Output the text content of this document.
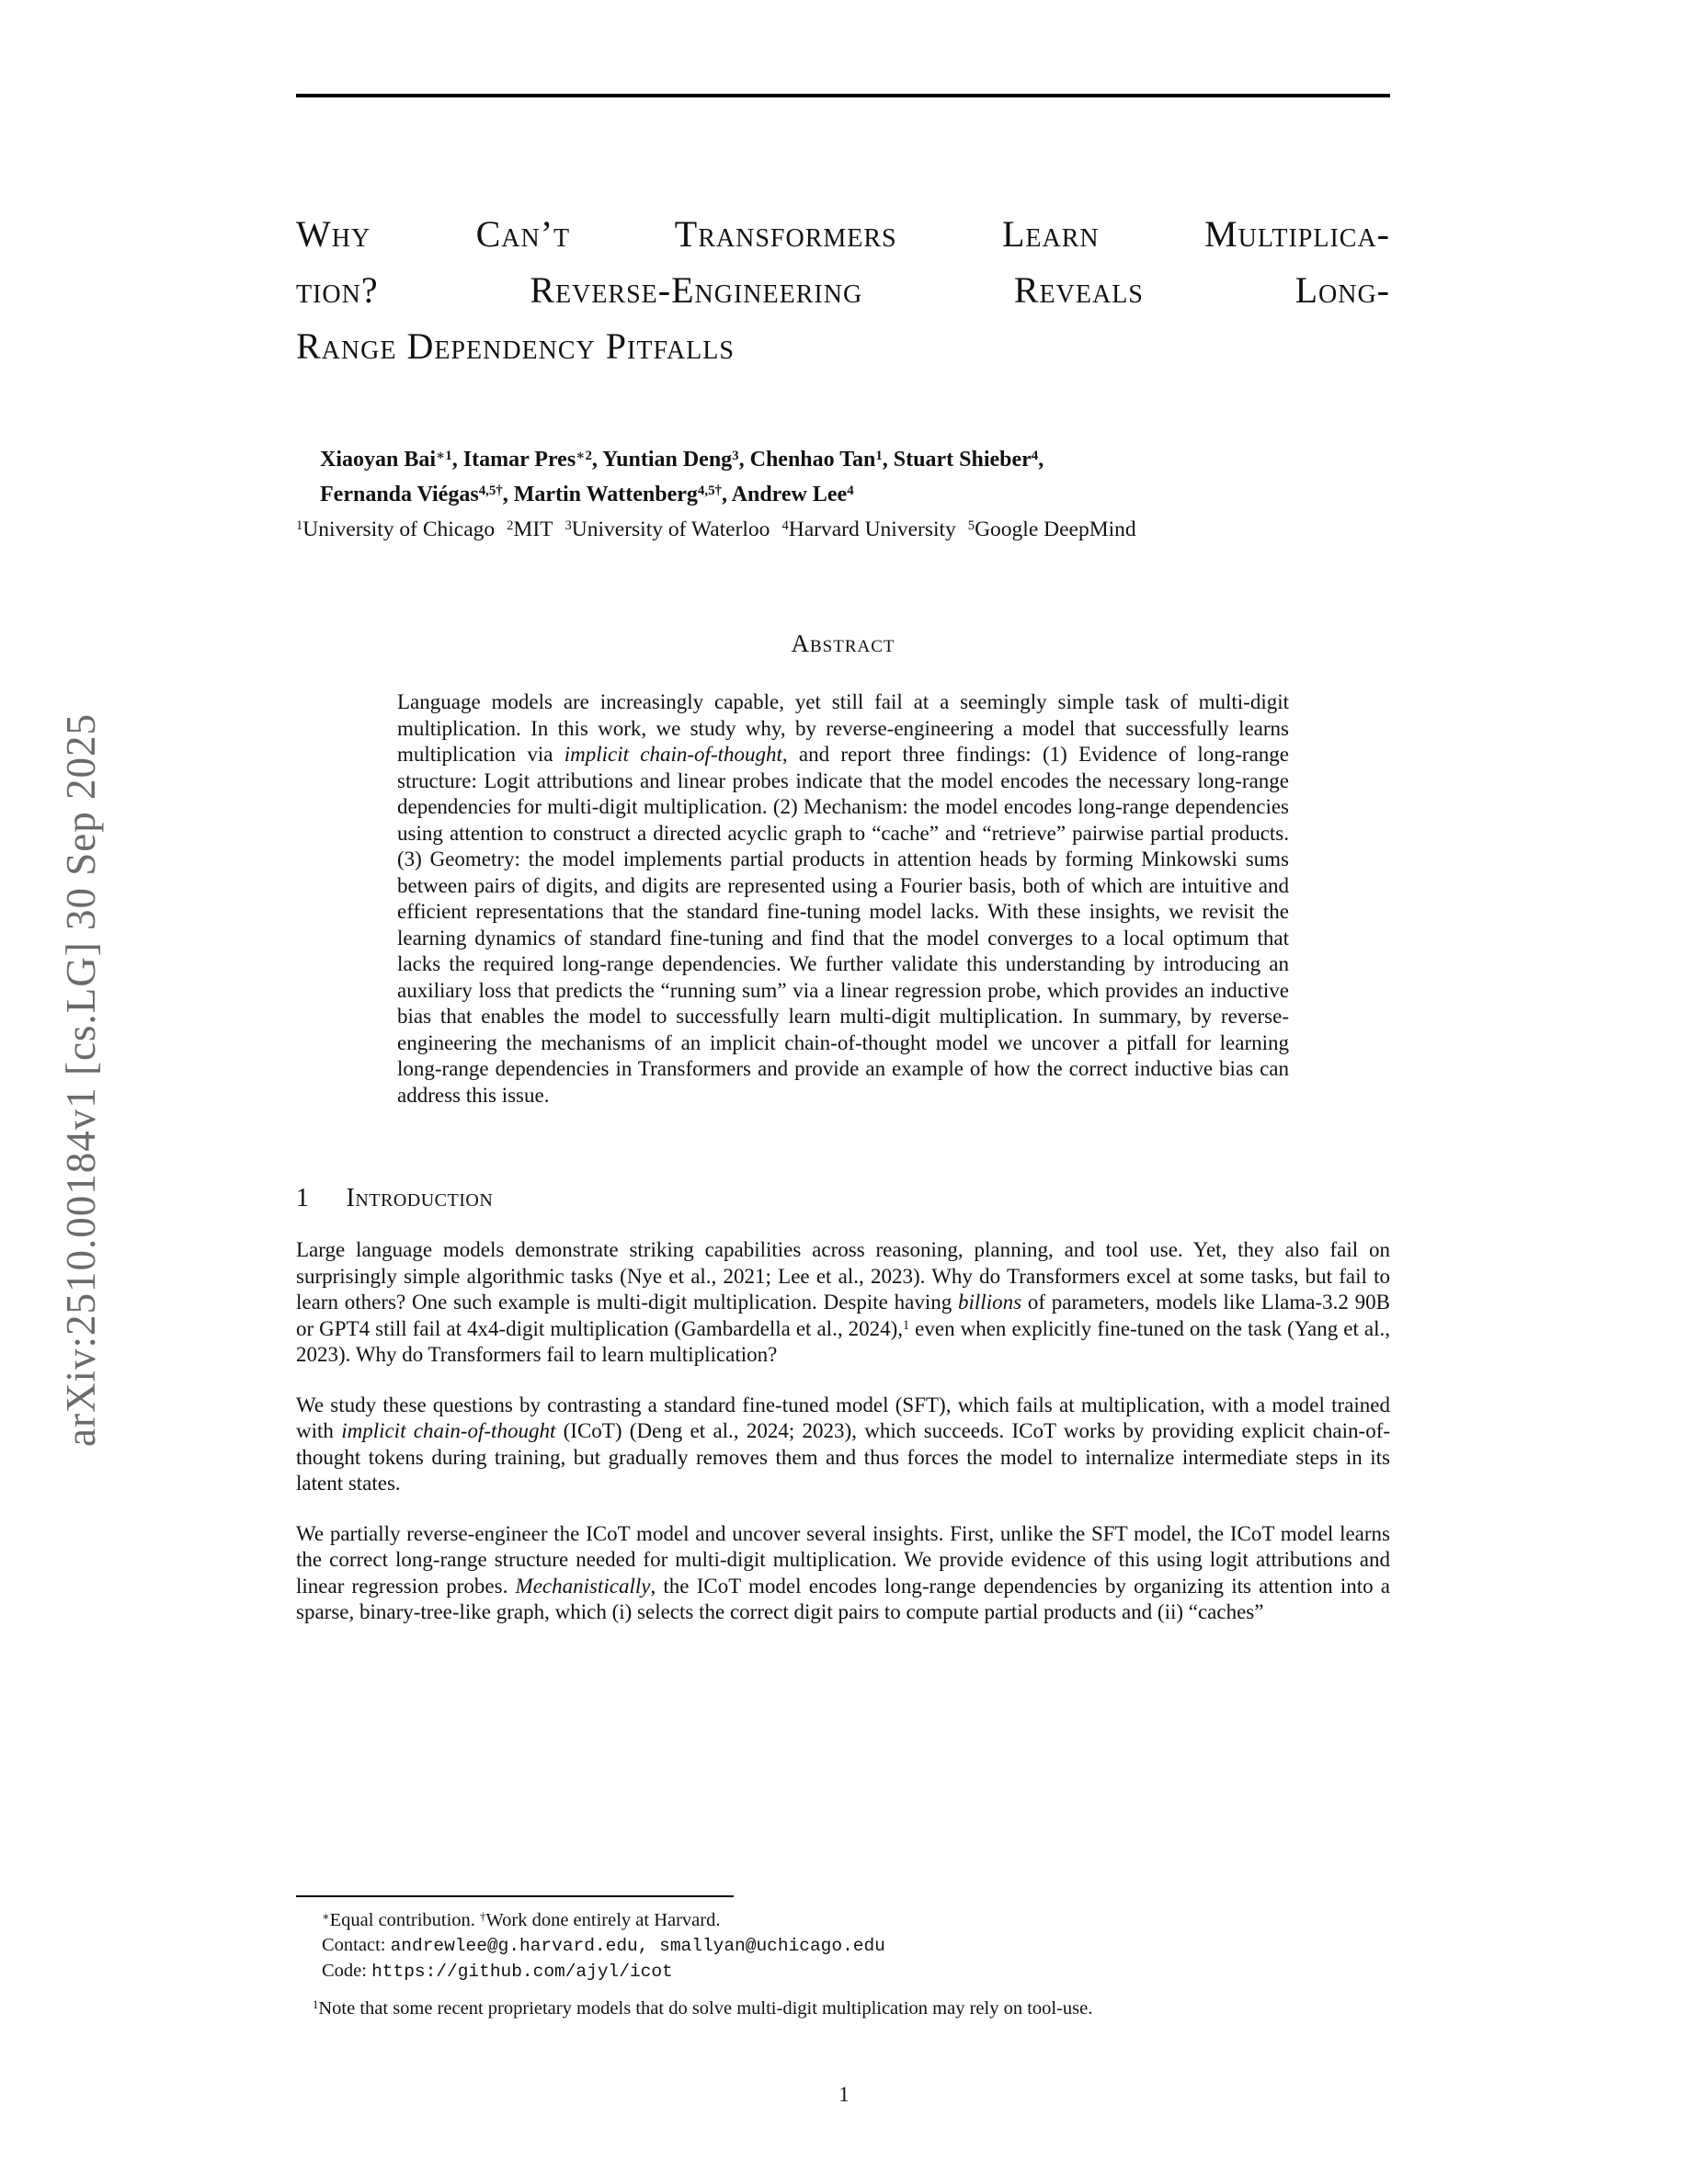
arXiv:2510.00184v1 [cs.LG] 30 Sep 2025
Why Can’t Transformers Learn Multiplica-
tion? Reverse-Engineering Reveals Long-
Range Dependency Pitfalls
Xiaoyan Bai$^{∗1}$, Itamar Pres$^{∗2}$, Yuntian Deng$^3$, Chenhao Tan$^1$, Stuart Shieber$^4$,
Fernanda Viégas$^{4,5\dagger}$, Martin Wattenberg$^{4,5\dagger}$, Andrew Lee$^4$
$^1$University of Chicago $^2$MIT $^3$University of Waterloo $^4$Harvard University $^5$Google DeepMind
Abstract

Language models are increasingly capable, yet still fail at a seemingly simple task of multi-digit multiplication. In this work, we study why, by reverse-engineering a model that successfully learns multiplication via implicit chain-of-thought, and report three findings: (1) Evidence of long-range structure: Logit attributions and linear probes indicate that the model encodes the necessary long-range dependencies for multi-digit multiplication. (2) Mechanism: the model encodes long-range dependencies using attention to construct a directed acyclic graph to “cache” and “retrieve” pairwise partial products. (3) Geometry: the model implements partial products in attention heads by forming Minkowski sums between pairs of digits, and digits are represented using a Fourier basis, both of which are intuitive and efficient representations that the standard fine-tuning model lacks. With these insights, we revisit the learning dynamics of standard fine-tuning and find that the model converges to a local optimum that lacks the required long-range dependencies. We further validate this understanding by introducing an auxiliary loss that predicts the “running sum” via a linear regression probe, which provides an inductive bias that enables the model to successfully learn multi-digit multiplication. In summary, by reverse-engineering the mechanisms of an implicit chain-of-thought model we uncover a pitfall for learning long-range dependencies in Transformers and provide an example of how the correct inductive bias can address this issue.

1 Introduction

Large language models demonstrate striking capabilities across reasoning, planning, and tool use. Yet, they also fail on surprisingly simple algorithmic tasks (Nye et al., 2021; Lee et al., 2023). Why do Transformers excel at some tasks, but fail to learn others? One such example is multi-digit multiplication. Despite having billions of parameters, models like Llama-3.2 90B or GPT4 still fail at 4x4-digit multiplication (Gambardella et al., 2024),$^1$ even when explicitly fine-tuned on the task (Yang et al., 2023). Why do Transformers fail to learn multiplication?

We study these questions by contrasting a standard fine-tuned model (SFT), which fails at multiplication, with a model trained with implicit chain-of-thought (ICoT) (Deng et al., 2024; 2023), which succeeds. ICoT works by providing explicit chain-of-thought tokens during training, but gradually removes them and thus forces the model to internalize intermediate steps in its latent states.

We partially reverse-engineer the ICoT model and uncover several insights. First, unlike the SFT model, the ICoT model learns the correct long-range structure needed for multi-digit multiplication. We provide evidence of this using logit attributions and linear regression probes. Mechanistically, the ICoT model encodes long-range dependencies by organizing its attention into a sparse, binary-tree-like graph, which (i) selects the correct digit pairs to compute partial products and (ii) “caches”

∗Equal contribution. †Work done entirely at Harvard.
Contact: andrewlee@g.harvard.edu, smallyan@uchicago.edu
Code: https://github.com/ajyl/icot
$^1$Note that some recent proprietary models that do solve multi-digit multiplication may rely on tool-use.
1
